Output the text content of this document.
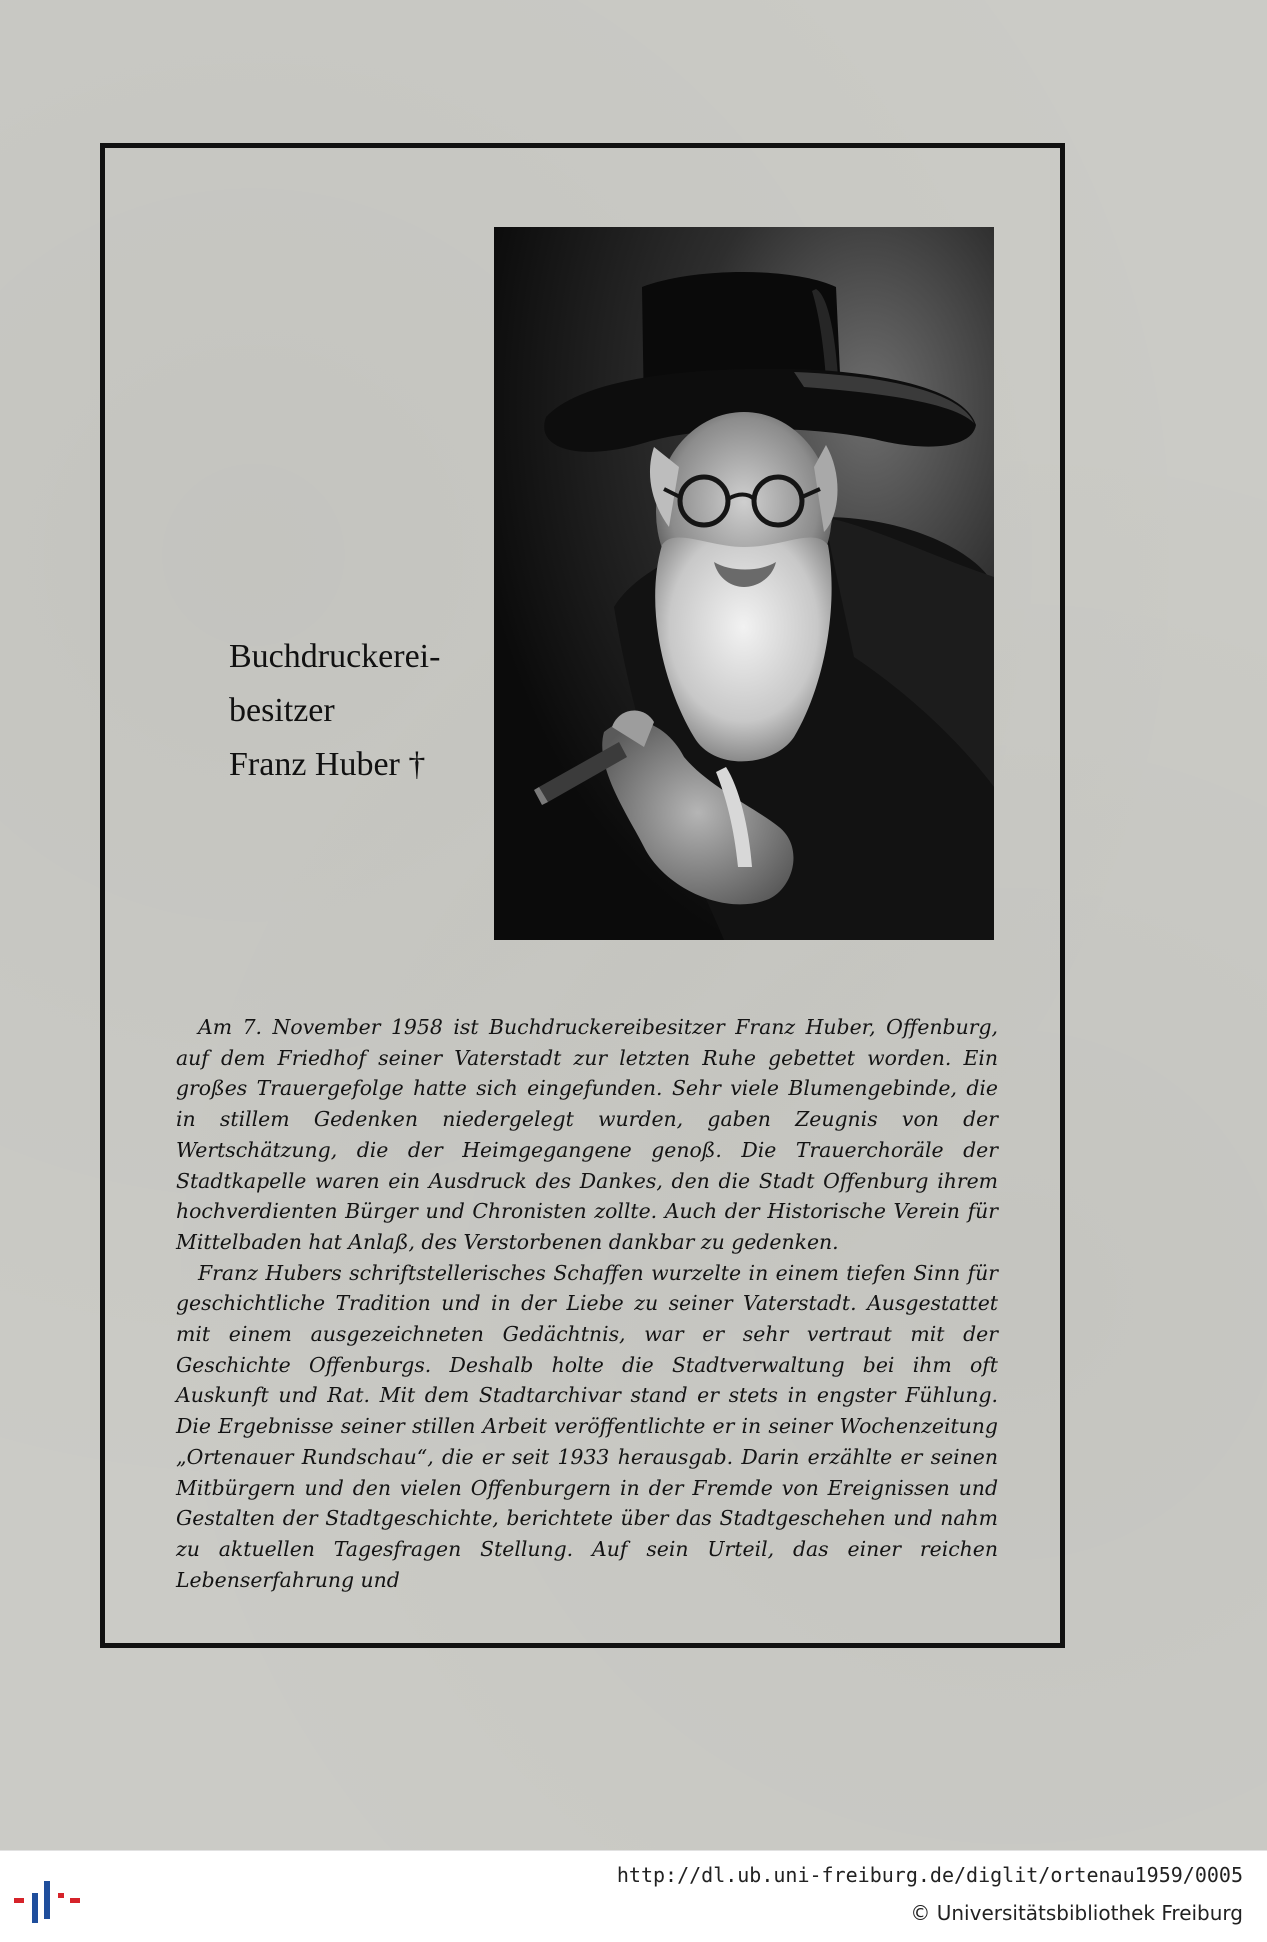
Buchdruckerei-
besitzer
Franz Huber †

Am 7. November 1958 ist Buchdruckereibesitzer Franz Huber, Offenburg, auf dem Friedhof seiner Vaterstadt zur letzten Ruhe gebettet worden. Ein großes Trauergefolge hatte sich eingefunden. Sehr viele Blumengebinde, die in stillem Gedenken niedergelegt wurden, gaben Zeugnis von der Wertschätzung, die der Heimgegangene genoß. Die Trauerchoräle der Stadtkapelle waren ein Ausdruck des Dankes, den die Stadt Offenburg ihrem hochverdienten Bürger und Chronisten zollte. Auch der Historische Verein für Mittelbaden hat Anlaß, des Verstorbenen dankbar zu gedenken.

Franz Hubers schriftstellerisches Schaffen wurzelte in einem tiefen Sinn für geschichtliche Tradition und in der Liebe zu seiner Vaterstadt. Ausgestattet mit einem ausgezeichneten Gedächtnis, war er sehr vertraut mit der Geschichte Offenburgs. Deshalb holte die Stadtverwaltung bei ihm oft Auskunft und Rat. Mit dem Stadtarchivar stand er stets in engster Fühlung. Die Ergebnisse seiner stillen Arbeit veröffentlichte er in seiner Wochenzeitung „Ortenauer Rundschau“, die er seit 1933 herausgab. Darin erzählte er seinen Mitbürgern und den vielen Offenburgern in der Fremde von Ereignissen und Gestalten der Stadtgeschichte, berichtete über das Stadtgeschehen und nahm zu aktuellen Tagesfragen Stellung. Auf sein Urteil, das einer reichen Lebenserfahrung und

http://dl.ub.uni-freiburg.de/diglit/ortenau1959/0005
© Universitätsbibliothek Freiburg
